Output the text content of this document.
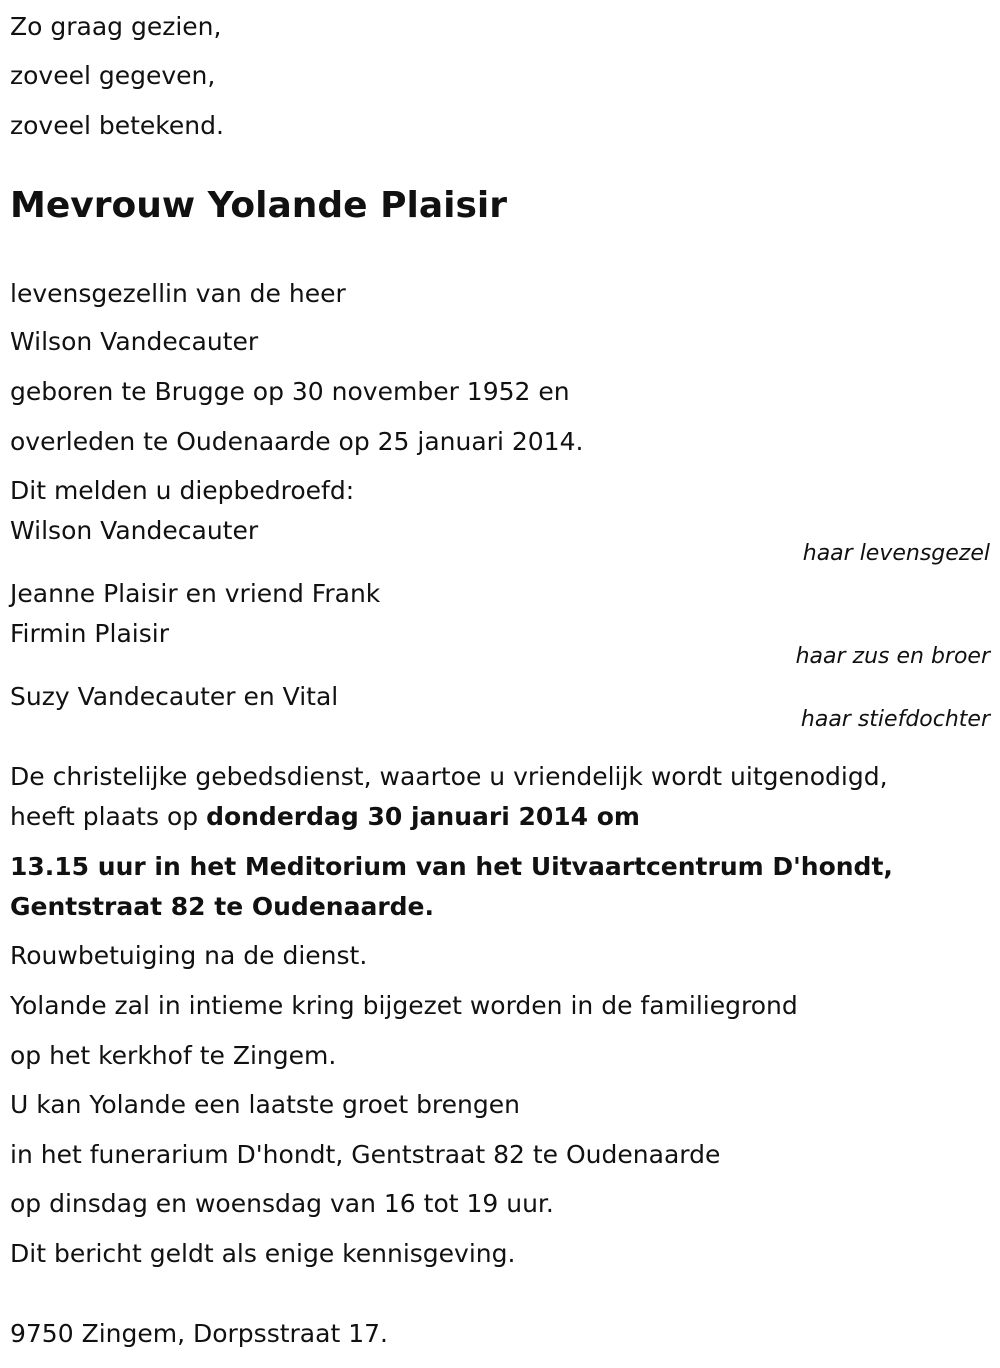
Zo graag gezien,
zoveel gegeven,
zoveel betekend.
Mevrouw Yolande Plaisir
levensgezellin van de heer
Wilson Vandecauter
geboren te Brugge op 30 november 1952 en
overleden te Oudenaarde op 25 januari 2014.
Dit melden u diepbedroefd:
Wilson Vandecauter
haar levensgezel
Jeanne Plaisir en vriend Frank
Firmin Plaisir
haar zus en broer
Suzy Vandecauter en Vital
haar stiefdochter
De christelijke gebedsdienst, waartoe u vriendelijk wordt uitgenodigd,
heeft plaats op donderdag 30 januari 2014 om
13.15 uur in het Meditorium van het Uitvaartcentrum D'hondt,
Gentstraat 82 te Oudenaarde.
Rouwbetuiging na de dienst.
Yolande zal in intieme kring bijgezet worden in de familiegrond
op het kerkhof te Zingem.
U kan Yolande een laatste groet brengen
in het funerarium D'hondt, Gentstraat 82 te Oudenaarde
op dinsdag en woensdag van 16 tot 19 uur.
Dit bericht geldt als enige kennisgeving.
9750 Zingem, Dorpsstraat 17.
